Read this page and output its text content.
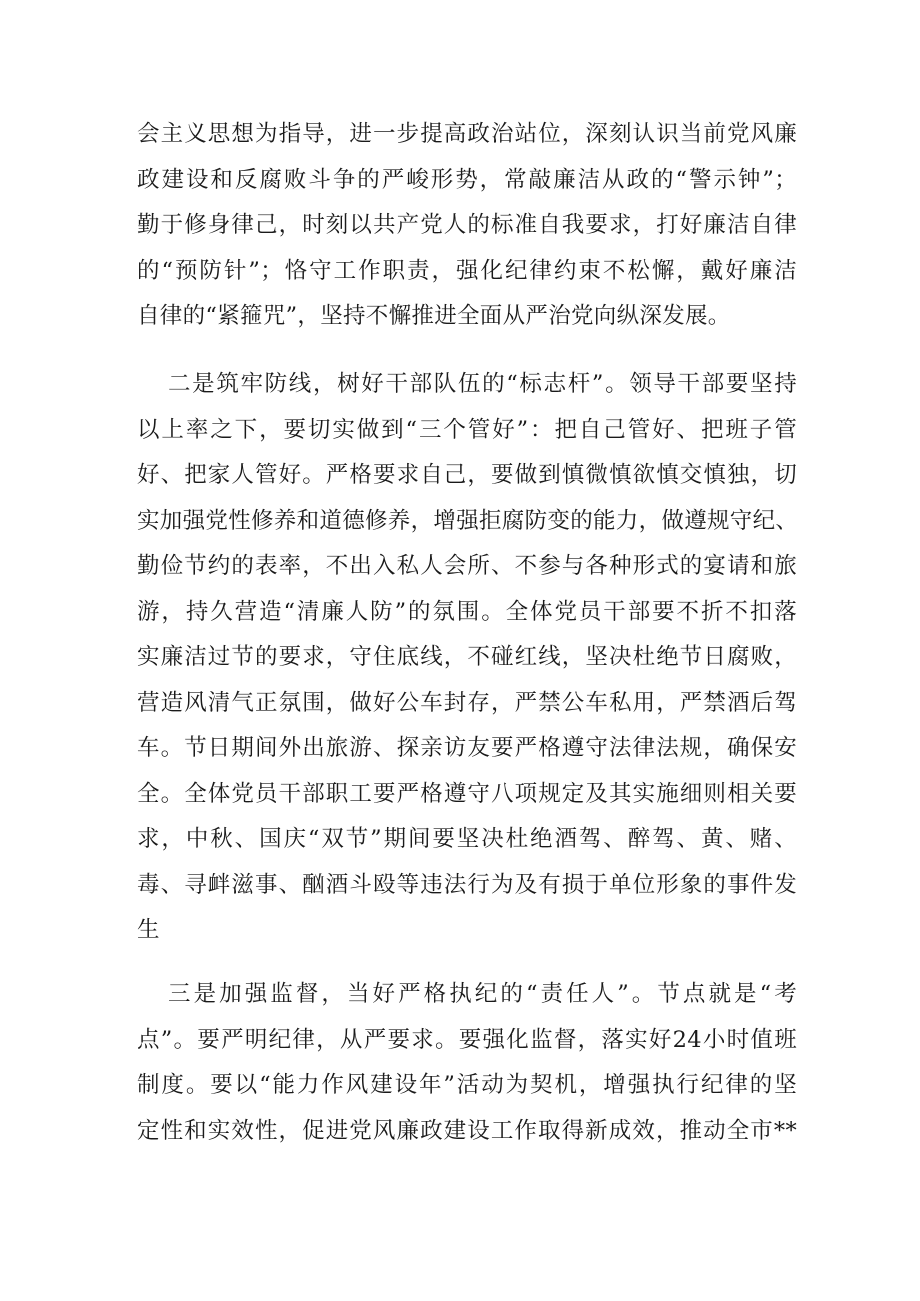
会主义思想为指导，进一步提高政治站位，深刻认识当前党风廉
政建设和反腐败斗争的严峻形势，常敲廉洁从政的“警示钟”；
勤于修身律己，时刻以共产党人的标准自我要求，打好廉洁自律
的“预防针”；恪守工作职责，强化纪律约束不松懈，戴好廉洁
自律的“紧箍咒”，坚持不懈推进全面从严治党向纵深发展。
二是筑牢防线，树好干部队伍的“标志杆”。领导干部要坚持
以上率之下，要切实做到“三个管好”：把自己管好、把班子管
好、把家人管好。严格要求自己，要做到慎微慎欲慎交慎独，切
实加强党性修养和道德修养，增强拒腐防变的能力，做遵规守纪、
勤俭节约的表率，不出入私人会所、不参与各种形式的宴请和旅
游，持久营造“清廉人防”的氛围。全体党员干部要不折不扣落
实廉洁过节的要求，守住底线，不碰红线，坚决杜绝节日腐败，
营造风清气正氛围，做好公车封存，严禁公车私用，严禁酒后驾
车。节日期间外出旅游、探亲访友要严格遵守法律法规，确保安
全。全体党员干部职工要严格遵守八项规定及其实施细则相关要
求，中秋、国庆“双节”期间要坚决杜绝酒驾、醉驾、黄、赌、
毒、寻衅滋事、酗酒斗殴等违法行为及有损于单位形象的事件发
生
三是加强监督，当好严格执纪的“责任人”。节点就是“考
点”。要严明纪律，从严要求。要强化监督，落实好24小时值班
制度。要以“能力作风建设年”活动为契机，增强执行纪律的坚
定性和实效性，促进党风廉政建设工作取得新成效，推动全市**
